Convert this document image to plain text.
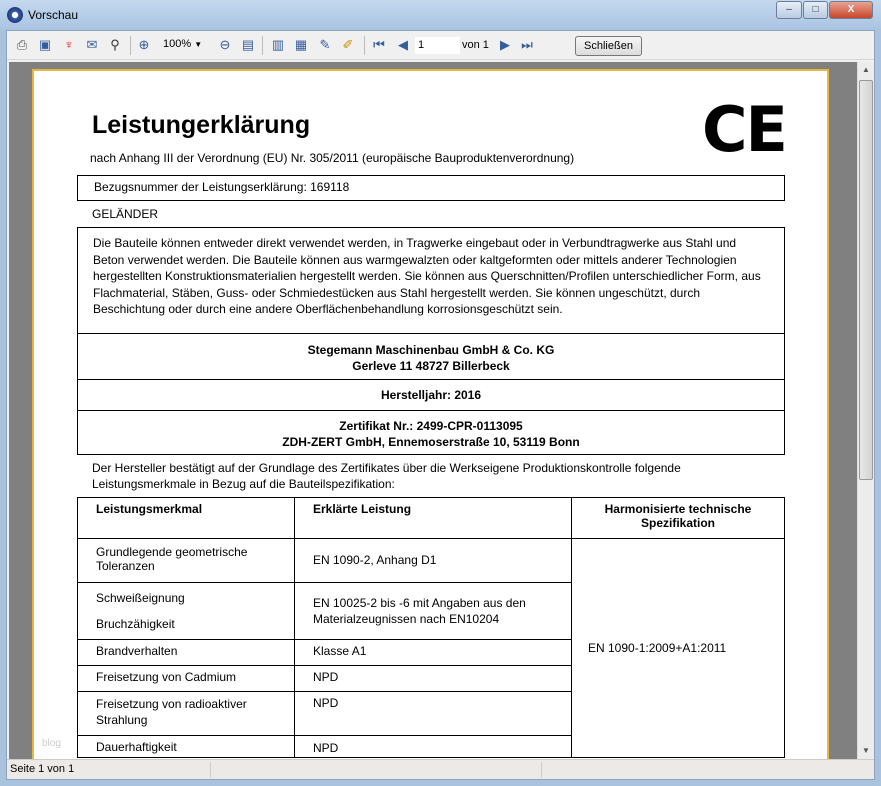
Vorschau	–	□	X
⎙ ▣ ♆ ✉ ⚲ ⊕ 100% ▼ ⊖ ▤ ▥ ▦ ✎ ✐ ⏮ ◀ 1	von 1 ▶ ⏭	Schließen
Leistungerklärung
nach Anhang III der Verordnung (EU) Nr. 305/2011 (europäische Bauproduktenverordnung) CE
Bezugsnummer der Leistungserklärung: 169118
GELÄNDER
Die Bauteile können entweder direkt verwendet werden, in Tragwerke eingebaut oder in Verbundtragwerke aus Stahl und Beton verwendet werden. Die Bauteile können aus warmgewalzten oder kaltgeformten oder mittels anderer Technologien hergestellten Konstruktionsmaterialien hergestellt werden. Sie können aus Querschnitten/Profilen unterschiedlicher Form, aus Flachmaterial, Stäben, Guss- oder Schmiedestücken aus Stahl hergestellt werden. Sie können ungeschützt, durch Beschichtung oder durch eine andere Oberflächenbehandlung korrosionsgeschützt sein.
Stegemann Maschinenbau GmbH & Co. KG
Gerleve 11 48727 Billerbeck
Herstelljahr: 2016
Zertifikat Nr.: 2499-CPR-0113095
ZDH-ZERT GmbH, Ennemoserstraße 10, 53119 Bonn
Der Hersteller bestätigt auf der Grundlage des Zertifikates über die Werkseigene Produktionskontrolle folgende Leistungsmerkmale in Bezug auf die Bauteilspezifikation:
Leistungsmerkmal	Erklärte Leistung	Harmonisierte technische Spezifikation
Grundlegende geometrische Toleranzen	EN 1090-2, Anhang D1	EN 1090-1:2009+A1:2011

Schweißeignung
Bruchzähigkeit	EN 10025-2 bis -6 mit Angaben aus den Materialzeugnissen nach EN10204	
Brandverhalten	Klasse A1	
Freisetzung von Cadmium	NPD	
Freisetzung von radioaktiver Strahlung	NPD	
Dauerhaftigkeit	NPD	
blog
▲
▼
Seite 1 von 1
